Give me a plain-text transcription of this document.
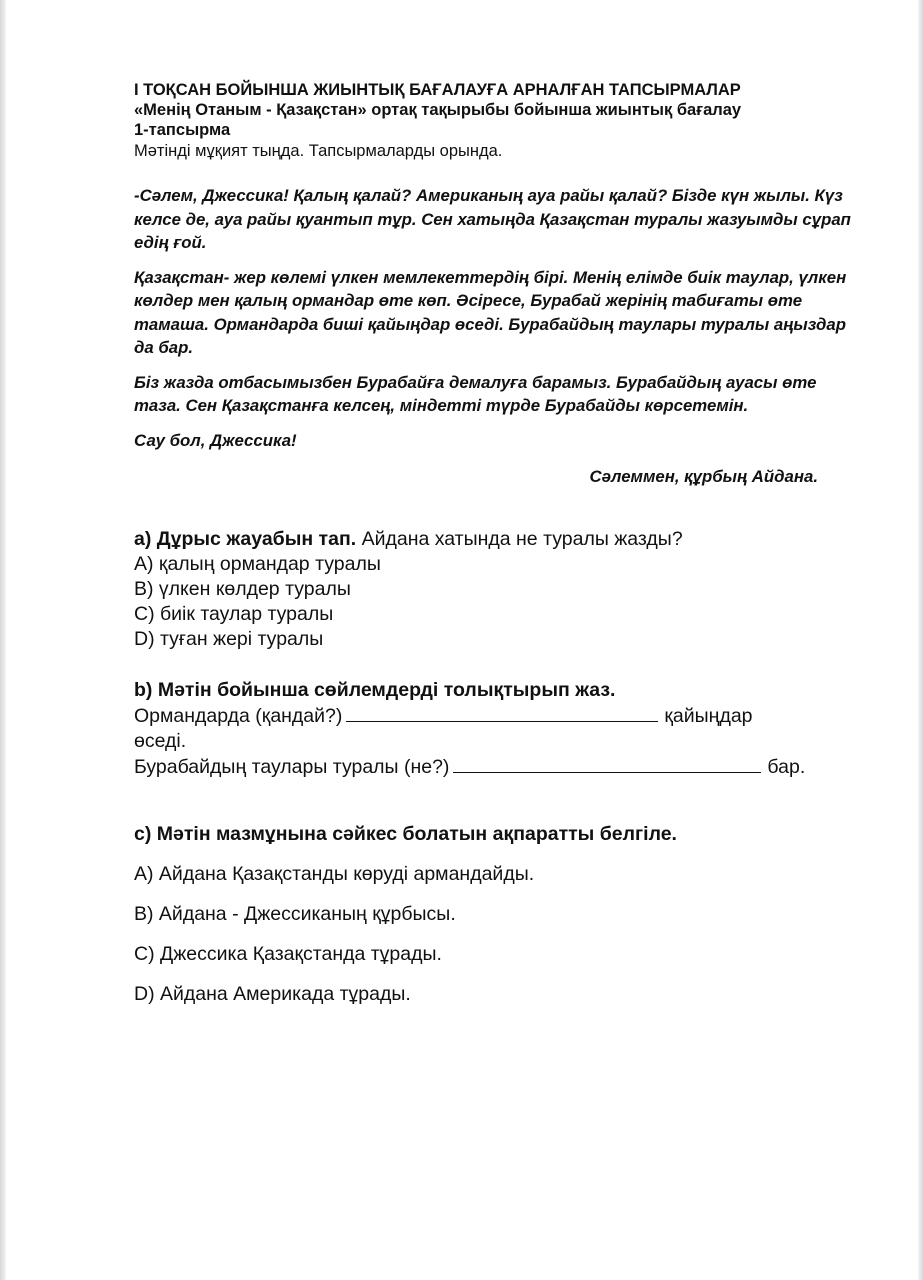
І ТОҚСАН БОЙЫНША ЖИЫНТЫҚ БАҒАЛАУҒА АРНАЛҒАН ТАПСЫРМАЛАР

«Менің Отаным - Қазақстан» ортақ тақырыбы бойынша жиынтық бағалау

1-тапсырма

Мәтінді мұқият тыңда. Тапсырмаларды орында.

-Сәлем, Джессика! Қалың қалай? Американың ауа райы қалай? Бізде күн жылы. Күз келсе де, ауа райы қуантып тұр. Сен хатыңда Қазақстан туралы жазуымды сұрап едің ғой.

Қазақстан- жер көлемі үлкен мемлекеттердің бірі. Менің елімде биік таулар, үлкен көлдер мен қалың ормандар өте көп. Әсіресе, Бурабай жерінің табиғаты өте тамаша. Ормандарда биші қайыңдар өседі. Бурабайдың таулары туралы аңыздар да бар.

Біз жазда отбасымызбен Бурабайға демалуға барамыз. Бурабайдың ауасы өте таза. Сен Қазақстанға келсең, міндетті түрде Бурабайды көрсетемін.

Сау бол, Джессика!

Сәлеммен, құрбың Айдана.

а) Дұрыс жауабын тап. Айдана хатында не туралы жазды?

A) қалың ормандар туралы

B) үлкен көлдер туралы

C) биік таулар туралы

D) туған жері туралы

b) Мәтін бойынша сөйлемдерді толықтырып жаз.

Ормандарда (қандай?)	қайыңдар

өседі.

Бурабайдың таулары туралы (не?)	бар.

c) Мәтін мазмұнына сәйкес болатын ақпаратты белгіле.

A) Айдана Қазақстанды көруді армандайды.

B) Айдана - Джессиканың құрбысы.

C) Джессика Қазақстанда тұрады.

D) Айдана Америкада тұрады.
